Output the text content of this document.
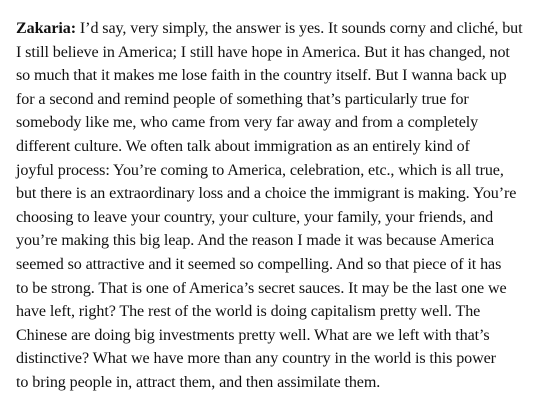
Zakaria: I’d say, very simply, the answer is yes. It sounds corny and cliché, but
I still believe in America; I still have hope in America. But it has changed, not
so much that it makes me lose faith in the country itself. But I wanna back up
for a second and remind people of something that’s particularly true for
somebody like me, who came from very far away and from a completely
different culture. We often talk about immigration as an entirely kind of
joyful process: You’re coming to America, celebration, etc., which is all true,
but there is an extraordinary loss and a choice the immigrant is making. You’re
choosing to leave your country, your culture, your family, your friends, and
you’re making this big leap. And the reason I made it was because America
seemed so attractive and it seemed so compelling. And so that piece of it has
to be strong. That is one of America’s secret sauces. It may be the last one we
have left, right? The rest of the world is doing capitalism pretty well. The
Chinese are doing big investments pretty well. What are we left with that’s
distinctive? What we have more than any country in the world is this power
to bring people in, attract them, and then assimilate them.
